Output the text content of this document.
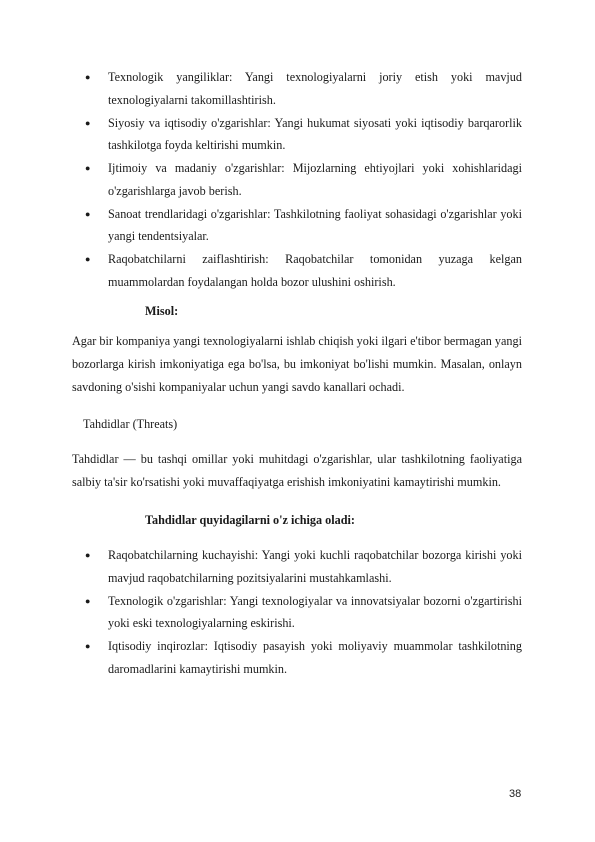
● Texnologik yangiliklar: Yangi texnologiyalarni joriy etish yoki mavjud texnologiyalarni takomillashtirish.
● Siyosiy va iqtisodiy o'zgarishlar: Yangi hukumat siyosati yoki iqtisodiy barqarorlik tashkilotga foyda keltirishi mumkin.
● Ijtimoiy va madaniy o'zgarishlar: Mijozlarning ehtiyojlari yoki xohishlaridagi o'zgarishlarga javob berish.
● Sanoat trendlaridagi o'zgarishlar: Tashkilotning faoliyat sohasidagi o'zgarishlar yoki yangi tendentsiyalar.
● Raqobatchilarni zaiflashtirish: Raqobatchilar tomonidan yuzaga kelgan muammolardan foydalangan holda bozor ulushini oshirish.
Misol:

Agar bir kompaniya yangi texnologiyalarni ishlab chiqish yoki ilgari e'tibor bermagan yangi bozorlarga kirish imkoniyatiga ega bo'lsa, bu imkoniyat bo'lishi mumkin. Masalan, onlayn savdoning o'sishi kompaniyalar uchun yangi savdo kanallari ochadi.

Tahdidlar (Threats)

Tahdidlar — bu tashqi omillar yoki muhitdagi o'zgarishlar, ular tashkilotning faoliyatiga salbiy ta'sir ko'rsatishi yoki muvaffaqiyatga erishish imkoniyatini kamaytirishi mumkin.

Tahdidlar quyidagilarni o'z ichiga oladi:
● Raqobatchilarning kuchayishi: Yangi yoki kuchli raqobatchilar bozorga kirishi yoki mavjud raqobatchilarning pozitsiyalarini mustahkamlashi.
● Texnologik o'zgarishlar: Yangi texnologiyalar va innovatsiyalar bozorni o'zgartirishi yoki eski texnologiyalarning eskirishi.
● Iqtisodiy inqirozlar: Iqtisodiy pasayish yoki moliyaviy muammolar tashkilotning daromadlarini kamaytirishi mumkin.
38
